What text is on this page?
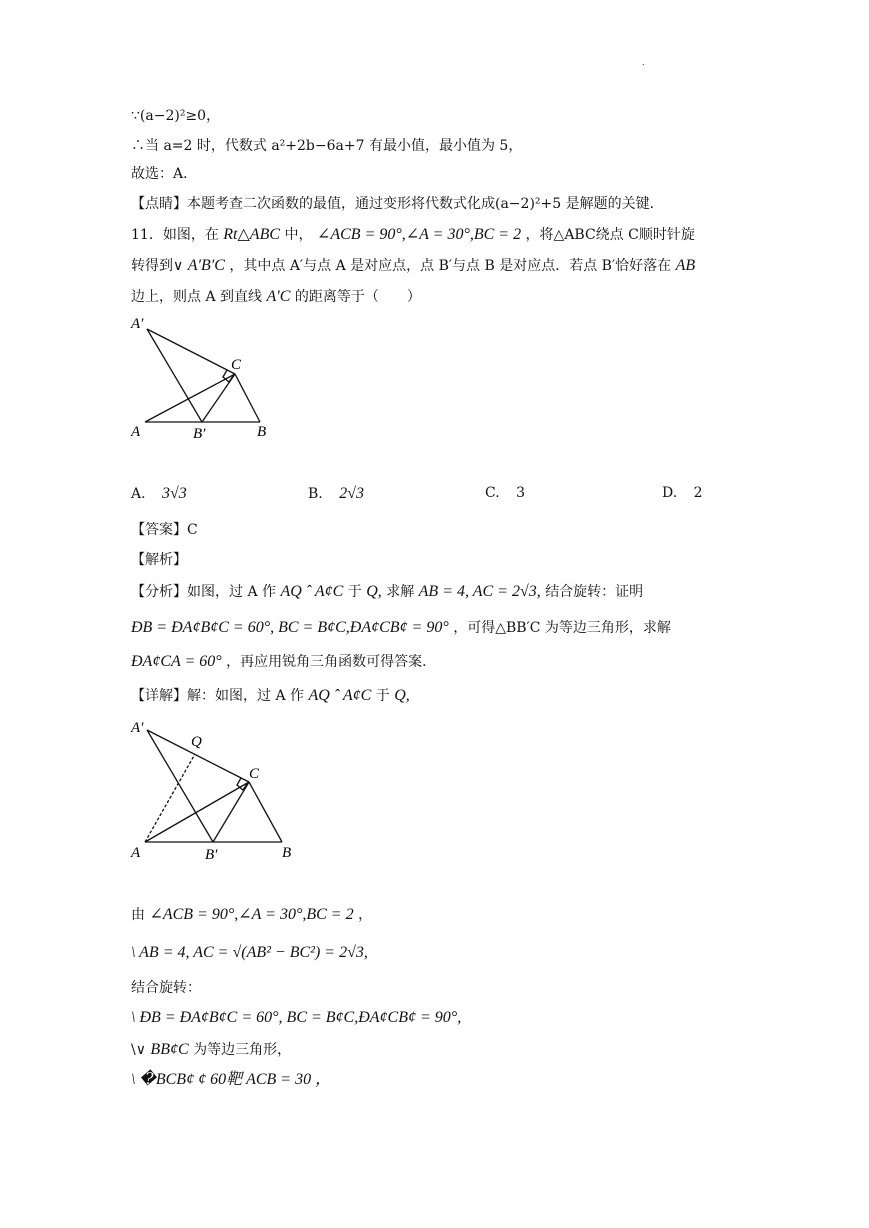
.
∵(a−2)²≥0，
∴当 a=2 时，代数式 a²+2b−6a+7 有最小值，最小值为 5，
故选：A．
【点睛】本题考查二次函数的最值，通过变形将代数式化成(a−2)²+5 是解题的关键．
11．如图，在 Rt△ABC 中， ∠ACB = 90°,∠A = 30°,BC = 2 ，将△ABC绕点 C顺时针旋
转得到∨ A′B′C ，其中点 A′与点 A 是对应点，点 B′与点 B 是对应点．若点 B′恰好落在 AB
边上，则点 A 到直线 A′C 的距离等于（　　）
A′
C
A	B′	B
A. 3√3	B. 2√3	C. 3	D. 2
【答案】C
【解析】
【分析】如图，过 A 作 AQ ˆ A¢C 于 Q, 求解 AB = 4, AC = 2√3, 结合旋转：证明
ÐB = ÐA¢B¢C = 60°, BC = B¢C,ÐA¢CB¢ = 90° ，可得△BB′C 为等边三角形，求解
ÐA¢CA = 60° ，再应用锐角三角函数可得答案．
【详解】解：如图，过 A 作 AQ ˆ A¢C 于 Q,
A′
Q
C
A	B′	B
由 ∠ACB = 90°,∠A = 30°,BC = 2 ，
\ AB = 4, AC = √(AB² − BC²) = 2√3,
结合旋转：
\ ÐB = ÐA¢B¢C = 60°, BC = B¢C,ÐA¢CB¢ = 90°,
\∨ BB¢C 为等边三角形，
\ �BCB¢ ¢ 60靶 ACB = 30 ，
